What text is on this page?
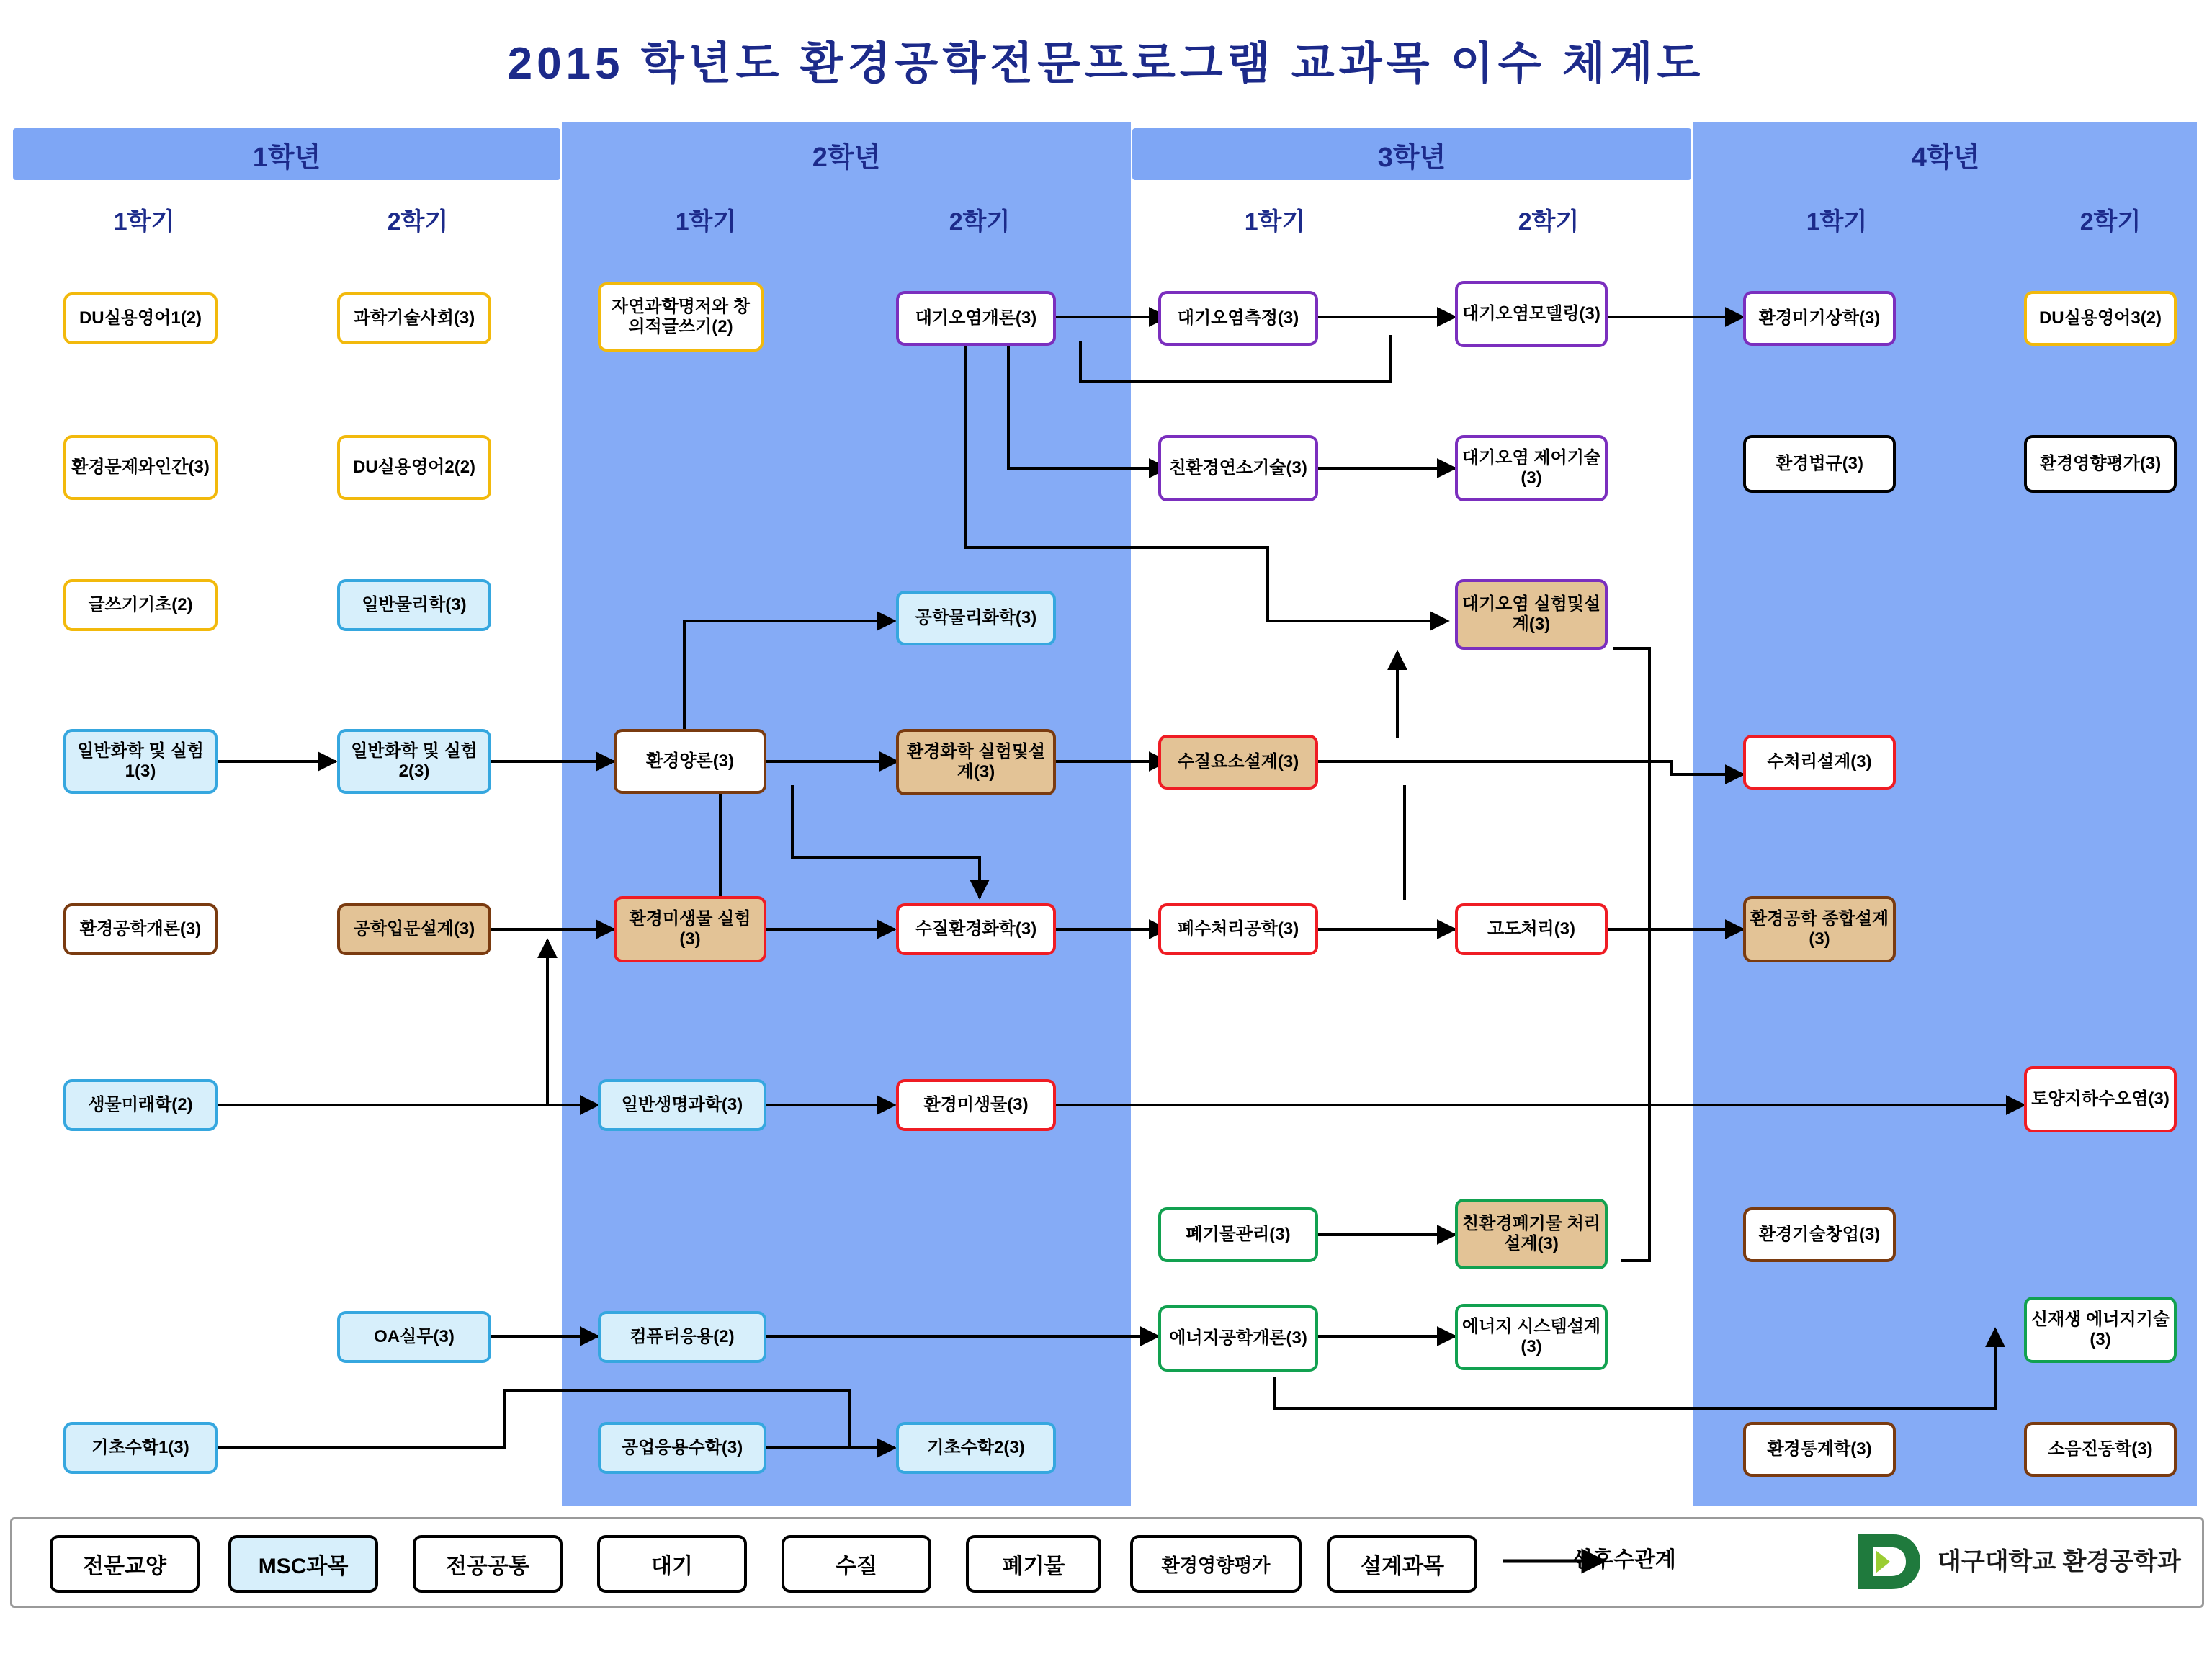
2015 학년도 환경공학전문프로그램 교과목 이수 체계도
1학년	2학년	3학년	4학년
1학기	2학기	1학기	2학기	1학기	2학기	1학기	2학기
DU실용영어1(2)
환경문제와인간(3)
글쓰기기초(2)
일반화학 및 실험1(3)
환경공학개론(3)
생물미래학(2)
기초수학1(3)
과학기술사회(3)
DU실용영어2(2)
일반물리학(3)
일반화학 및 실험2(3)
공학입문설계(3)
OA실무(3)
자연과학명저와 창의적글쓰기(2)
환경양론(3)
환경미생물 실험(3)
일반생명과학(3)
컴퓨터응용(2)
공업응용수학(3)
대기오염개론(3)
공학물리화학(3)
환경화학 실험및설계(3)
수질환경화학(3)
환경미생물(3)
기초수학2(3)
대기오염측정(3)
친환경연소기술(3)
수질요소설계(3)
폐수처리공학(3)
폐기물관리(3)
에너지공학개론(3)
대기오염모델링(3)
대기오염 제어기술(3)
대기오염 실험및설계(3)
고도처리(3)
친환경폐기물 처리설계(3)
에너지 시스템설계(3)
환경미기상학(3)
환경법규(3)
수처리설계(3)
환경공학 종합설계(3)
환경기술창업(3)
환경통계학(3)
DU실용영어3(2)
환경영향평가(3)
토양지하수오염(3)
신재생 에너지기술(3)
소음진동학(3)
전문교양	MSC과목	전공공통	대기	수질	폐기물	환경영향평가	설계과목	선후수관계	대구대학교 환경공학과
